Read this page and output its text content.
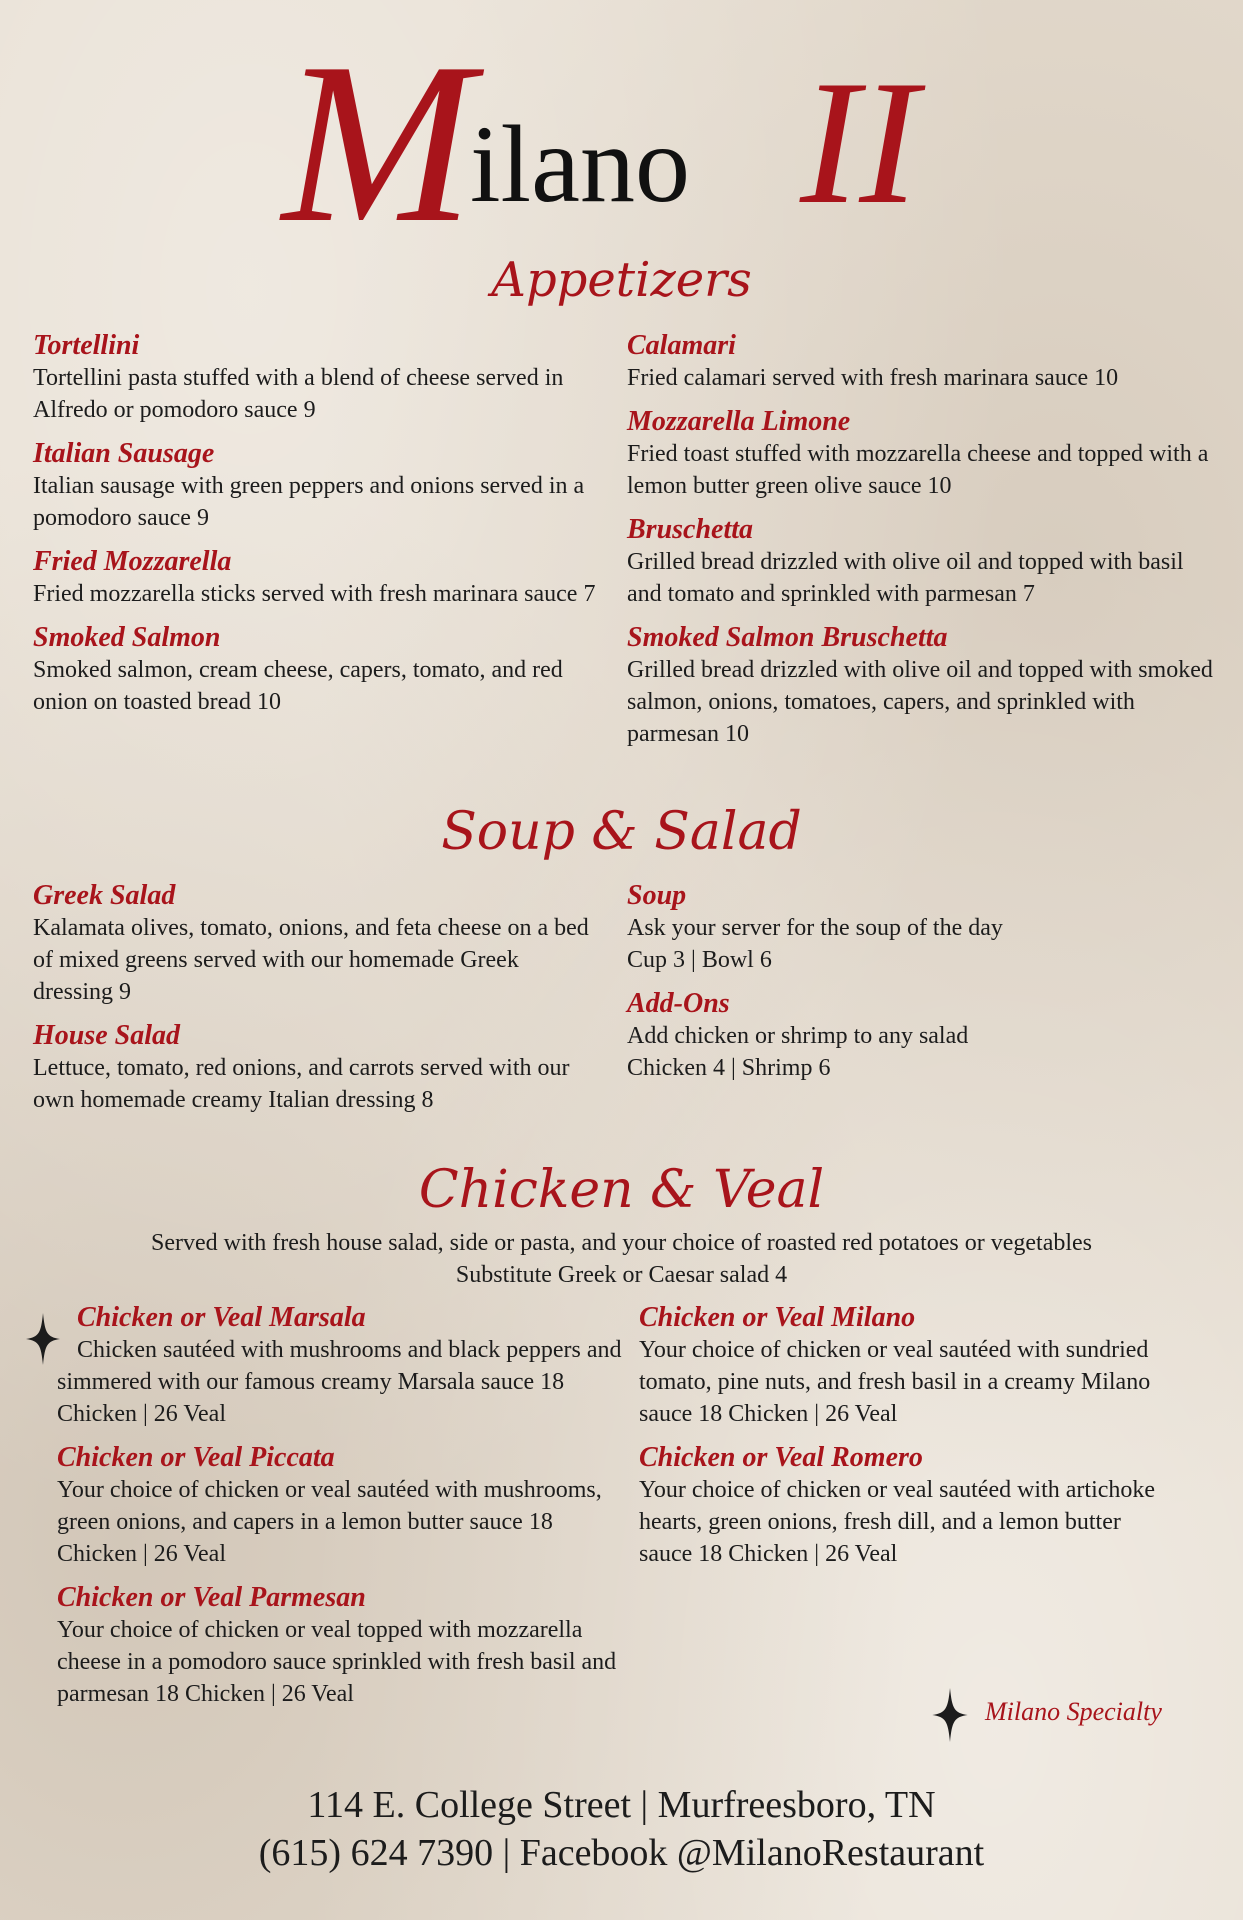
M
ilano II
Appetizers
Tortellini
Tortellini pasta stuffed with a blend of cheese served in Alfredo or pomodoro sauce 9
Italian Sausage
Italian sausage with green peppers and onions served in a pomodoro sauce 9
Fried Mozzarella
Fried mozzarella sticks served with fresh marinara sauce 7
Smoked Salmon
Smoked salmon, cream cheese, capers, tomato, and red onion on toasted bread 10
Calamari
Fried calamari served with fresh marinara sauce 10
Mozzarella Limone
Fried toast stuffed with mozzarella cheese and topped with a lemon butter green olive sauce 10
Bruschetta
Grilled bread drizzled with olive oil and topped with basil and tomato and sprinkled with parmesan 7
Smoked Salmon Bruschetta
Grilled bread drizzled with olive oil and topped with smoked salmon, onions, tomatoes, capers, and sprinkled with parmesan 10
Soup & Salad
Greek Salad
Kalamata olives, tomato, onions, and feta cheese on a bed of mixed greens served with our homemade Greek dressing 9
House Salad
Lettuce, tomato, red onions, and carrots served with our own homemade creamy Italian dressing 8
Soup
Ask your server for the soup of the day
Cup 3 | Bowl 6
Add-Ons
Add chicken or shrimp to any salad
Chicken 4 | Shrimp 6
Chicken & Veal
Served with fresh house salad, side or pasta, and your choice of roasted red potatoes or vegetables
Substitute Greek or Caesar salad 4
Chicken or Veal Marsala
Chicken sautéed with mushrooms and black peppers and simmered with our famous creamy Marsala sauce 18 Chicken | 26 Veal
Chicken or Veal Piccata
Your choice of chicken or veal sautéed with mushrooms, green onions, and capers in a lemon butter sauce 18 Chicken | 26 Veal
Chicken or Veal Parmesan
Your choice of chicken or veal topped with mozzarella cheese in a pomodoro sauce sprinkled with fresh basil and parmesan 18 Chicken | 26 Veal
Chicken or Veal Milano
Your choice of chicken or veal sautéed with sundried tomato, pine nuts, and fresh basil in a creamy Milano sauce 18 Chicken | 26 Veal
Chicken or Veal Romero
Your choice of chicken or veal sautéed with artichoke hearts, green onions, fresh dill, and a lemon butter sauce 18 Chicken | 26 Veal
Milano Specialty
114 E. College Street | Murfreesboro, TN
(615) 624 7390 | Facebook @MilanoRestaurant
